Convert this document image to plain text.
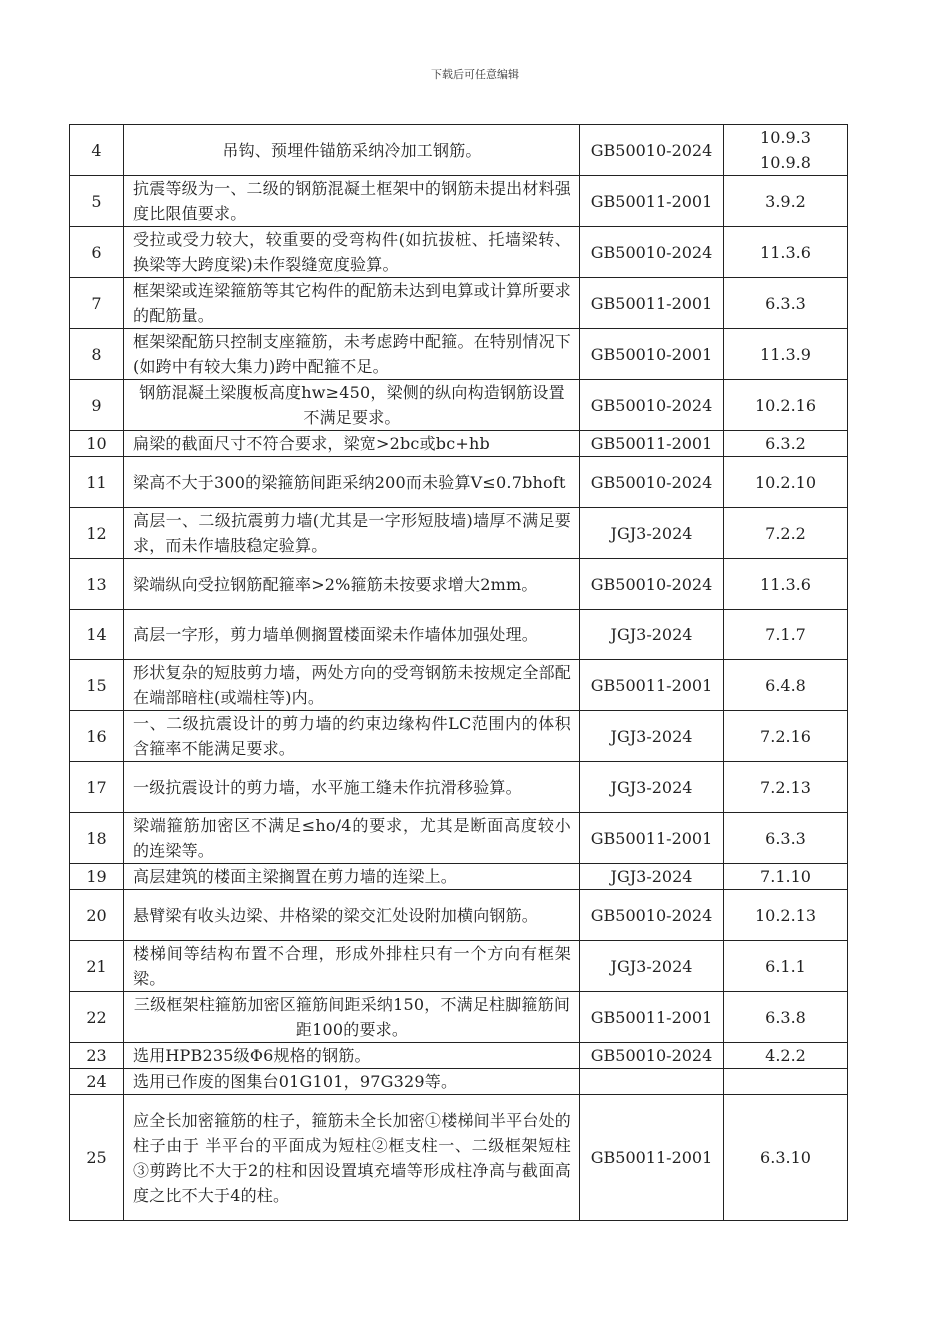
下载后可任意编辑
4	吊钩、预埋件锚筋采纳冷加工钢筋。	GB50010-2024	10.9.3
10.9.8

5	抗震等级为一、二级的钢筋混凝土框架中的钢筋未提出材料强度比限值要求。	GB50011-2001	3.9.2

6	受拉或受力较大，较重要的受弯构件(如抗拔桩、托墙梁转、换梁等大跨度梁)未作裂缝宽度验算。	GB50010-2024	11.3.6

7	框架梁或连梁箍筋等其它构件的配筋未达到电算或计算所要求的配筋量。	GB50011-2001	6.3.3

8	框架梁配筋只控制支座箍筋，未考虑跨中配箍。在特别情况下(如跨中有较大集力)跨中配箍不足。	GB50010-2001	11.3.9

9	钢筋混凝土梁腹板高度hw≥450，梁侧的纵向构造钢筋设置不满足要求。	GB50010-2024	10.2.16

10	扁梁的截面尺寸不符合要求，梁宽>2bc或bc+hb	GB50011-2001	6.3.2

11	梁高不大于300的梁箍筋间距采纳200而未验算V≤0.7bhoft	GB50010-2024	10.2.10

12	高层一、二级抗震剪力墙(尤其是一字形短肢墙)墙厚不满足要求，而未作墙肢稳定验算。	JGJ3-2024	7.2.2

13	梁端纵向受拉钢筋配箍率>2%箍筋未按要求增大2mm。	GB50010-2024	11.3.6

14	高层一字形，剪力墙单侧搁置楼面梁未作墙体加强处理。	JGJ3-2024	7.1.7

15	形状复杂的短肢剪力墙，两处方向的受弯钢筋未按规定全部配在端部暗柱(或端柱等)内。	GB50011-2001	6.4.8

16	一、二级抗震设计的剪力墙的约束边缘构件LC范围内的体积含箍率不能满足要求。	JGJ3-2024	7.2.16

17	一级抗震设计的剪力墙，水平施工缝未作抗滑移验算。	JGJ3-2024	7.2.13

18	梁端箍筋加密区不满足≤ho/4的要求，尤其是断面高度较小的连梁等。	GB50011-2001	6.3.3

19	高层建筑的楼面主梁搁置在剪力墙的连梁上。	JGJ3-2024	7.1.10

20	悬臂梁有收头边梁、井格梁的梁交汇处设附加横向钢筋。	GB50010-2024	10.2.13

21	楼梯间等结构布置不合理，形成外排柱只有一个方向有框架梁。	JGJ3-2024	6.1.1

22	三级框架柱箍筋加密区箍筋间距采纳150，不满足柱脚箍筋间距100的要求。	GB50011-2001	6.3.8

23	选用HPB235级Φ6规格的钢筋。	GB50010-2024	4.2.2

24	选用已作废的图集台01G101，97G329等。		

25	应全长加密箍筋的柱子，箍筋未全长加密①楼梯间半平台处的柱子由于 半平台的平面成为短柱②框支柱一、二级框架短柱③剪跨比不大于2的柱和因设置填充墙等形成柱净高与截面高度之比不大于4的柱。	GB50011-2001	6.3.10
